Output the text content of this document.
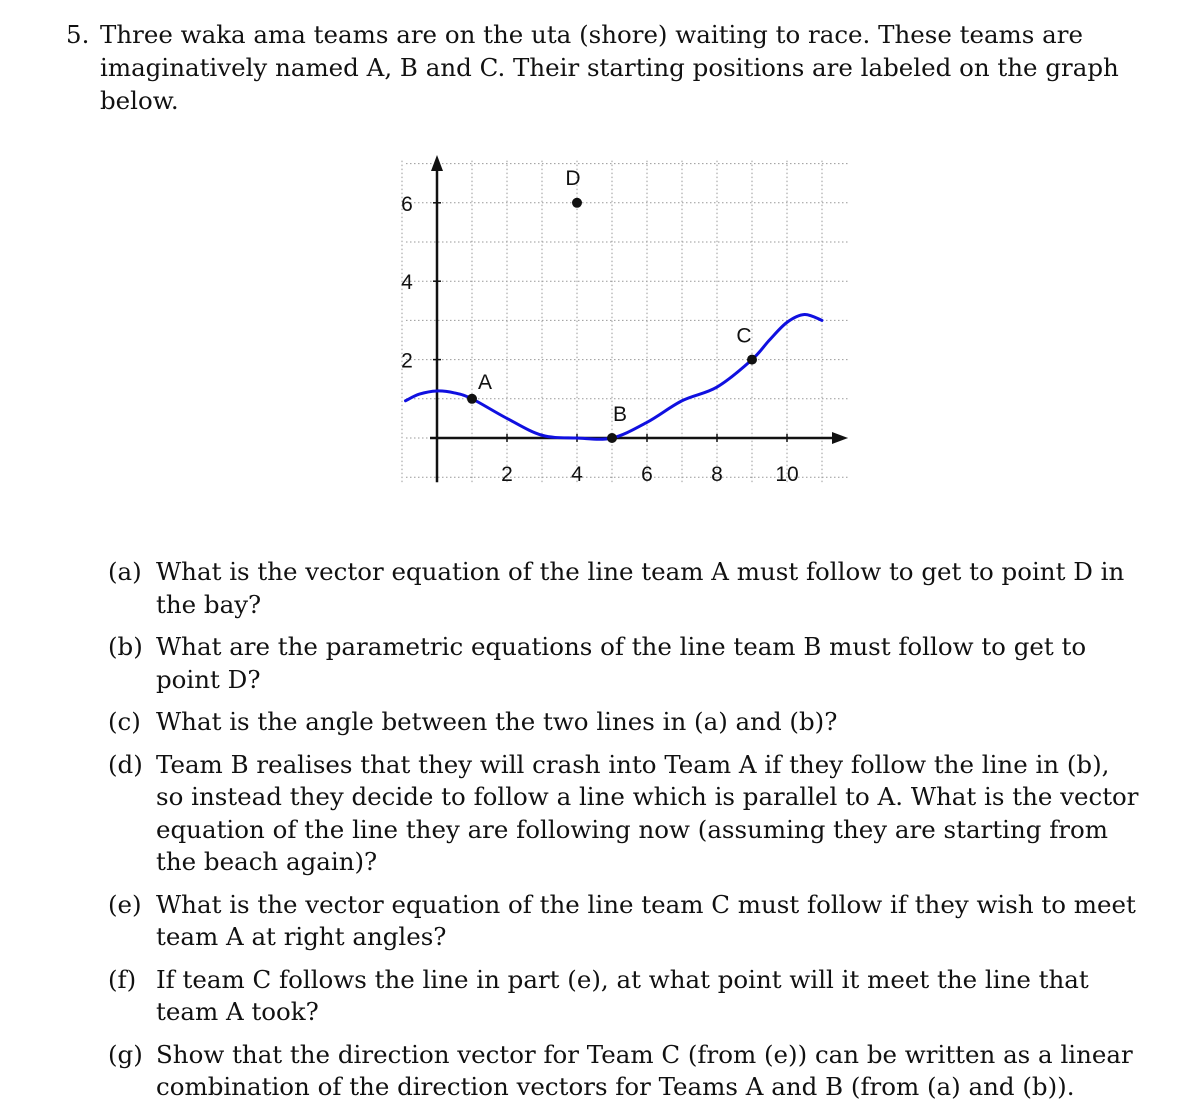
5. Three waka ama teams are on the uta (shore) waiting to race. These teams are imaginatively named A, B and C. Their starting positions are labeled on the graph below.
2	4	6	8 10
2
4
6
A
B
C
D
(a) What is the vector equation of the line team A must follow to get to point D in the bay?
(b) What are the parametric equations of the line team B must follow to get to point D?
(c) What is the angle between the two lines in (a) and (b)?
(d) Team B realises that they will crash into Team A if they follow the line in (b), so instead they decide to follow a line which is parallel to A. What is the vector equation of the line they are following now (assuming they are starting from the beach again)?
(e) What is the vector equation of the line team C must follow if they wish to meet team A at right angles?
(f) If team C follows the line in part (e), at what point will it meet the line that team A took?
(g) Show that the direction vector for Team C (from (e)) can be written as a linear combination of the direction vectors for Teams A and B (from (a) and (b)).
